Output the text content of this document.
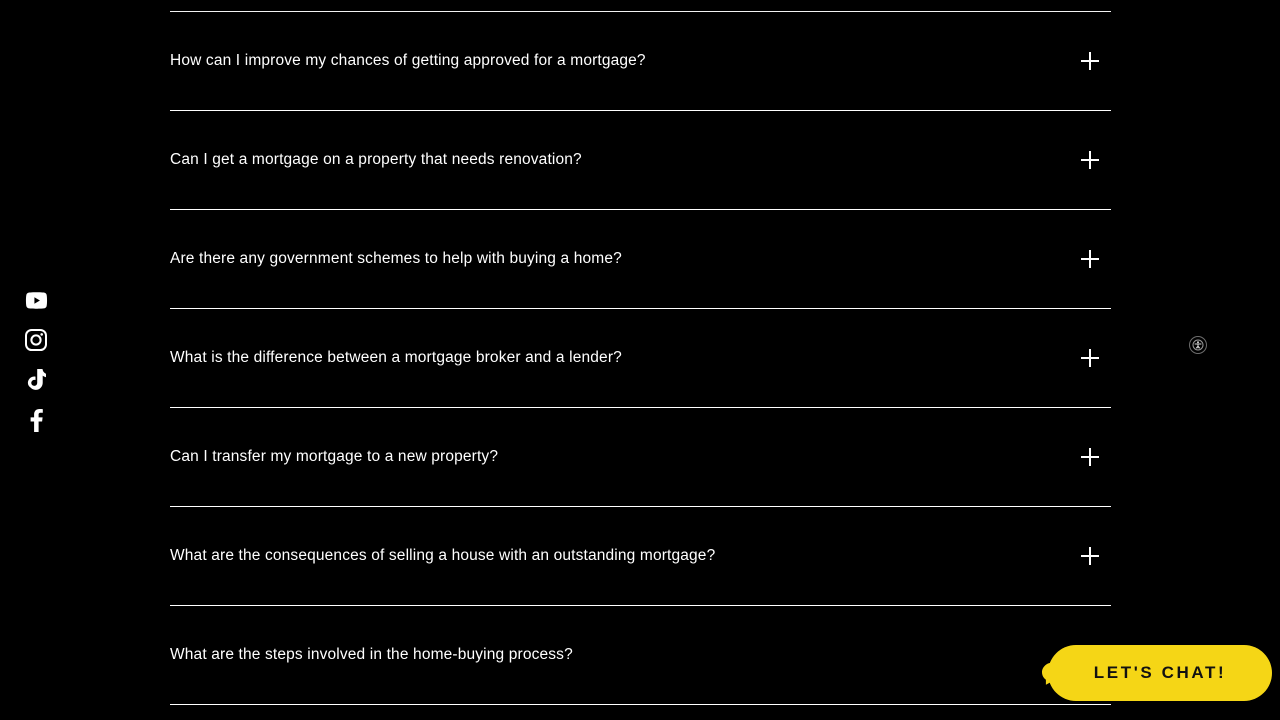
How can I improve my chances of getting approved for a mortgage?
Can I get a mortgage on a property that needs renovation?
Are there any government schemes to help with buying a home?
What is the difference between a mortgage broker and a lender?
Can I transfer my mortgage to a new property?
What are the consequences of selling a house with an outstanding mortgage?
What are the steps involved in the home-buying process?
LET'S CHAT!
